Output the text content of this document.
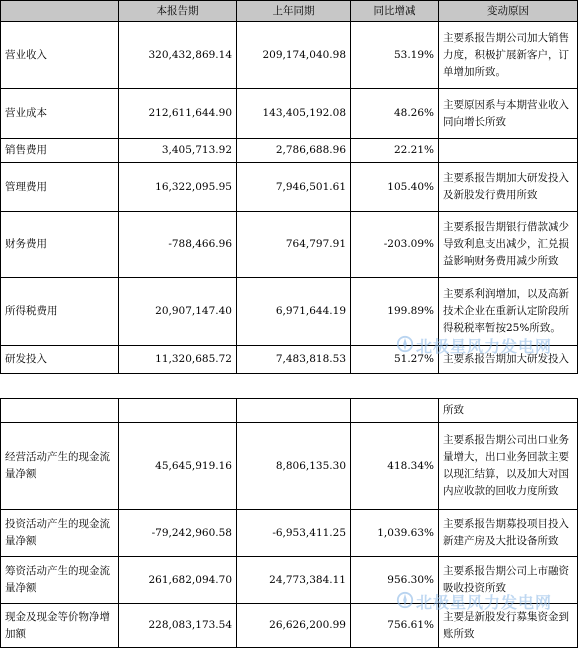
	本报告期	上年同期	同比增减	变动原因
营业收入	320,432,869.14	209,174,040.98	53.19%	主要系报告期公司加大销售力度，积极扩展新客户，订单增加所致。
营业成本	212,611,644.90	143,405,192.08	48.26%	主要原因系与本期营业收入同向增长所致
销售费用	3,405,713.92	2,786,688.96	22.21%	
管理费用	16,322,095.95	7,946,501.61	105.40%	主要系报告期加大研发投入及新股发行费用所致
财务费用	-788,466.96	764,797.91	-203.09%	主要系报告期银行借款减少导致利息支出减少，汇兑损益影响财务费用减少所致
所得税费用	20,907,147.40	6,971,644.19	199.89%	主要系利润增加，以及高新技术企业在重新认定阶段所得税税率暂按25%所致。
研发投入	11,320,685.72	7,483,818.53	51.27%	主要系报告期加大研发投入
				所致
经营活动产生的现金流量净额	45,645,919.16	8,806,135.30	418.34%	主要系报告期公司出口业务量增大，出口业务回款主要以现汇结算，以及加大对国内应收款的回收力度所致
投资活动产生的现金流量净额	-79,242,960.58	-6,953,411.25	1,039.63%	主要系报告期募投项目投入新建产房及大批设备所致
筹资活动产生的现金流量净额	261,682,094.70	24,773,384.11	956.30%	主要系报告期公司上市融资吸收投资所致
现金及现金等价物净增加额	228,083,173.54	26,626,200.99	756.61%	主要是新股发行募集资金到账所致
北极星风力发电网
北极星风力发电网
